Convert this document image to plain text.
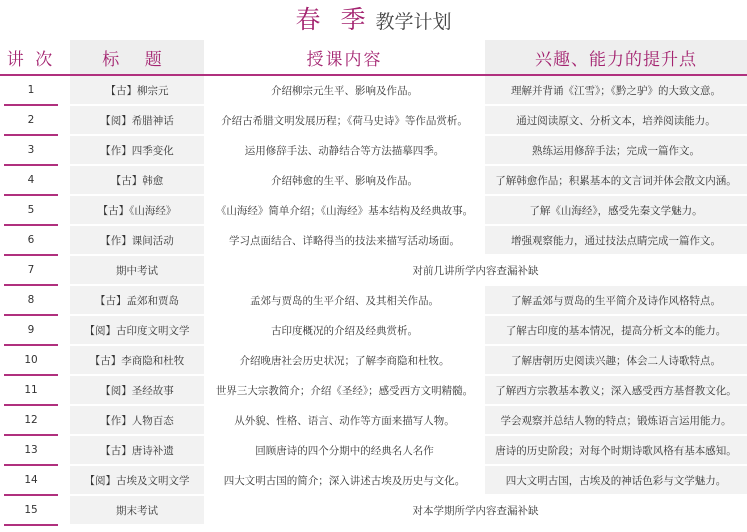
春 季 教学计划
讲 次	标 题	授课内容	兴趣、能力的提升点
1	【古】柳宗元	介绍柳宗元生平、影响及作品。	理解并背诵《江雪》；《黔之驴》的大致文意。
2	【阅】希腊神话	介绍古希腊文明发展历程；《荷马史诗》等作品赏析。	通过阅读原文、分析文本，培养阅读能力。
3	【作】四季变化	运用修辞手法、动静结合等方法描摹四季。	熟练运用修辞手法；完成一篇作文。
4	【古】韩愈	介绍韩愈的生平、影响及作品。	了解韩愈作品；积累基本的文言词并体会散文内涵。
5	【古】《山海经》	《山海经》简单介绍；《山海经》基本结构及经典故事。	了解《山海经》，感受先秦文学魅力。
6	【作】课间活动	学习点面结合、详略得当的技法来描写活动场面。	增强观察能力，通过技法点睛完成一篇作文。
7	期中考试	对前几讲所学内容查漏补缺
8	【古】孟郊和贾岛	孟郊与贾岛的生平介绍、及其相关作品。	了解孟郊与贾岛的生平简介及诗作风格特点。
9	【阅】古印度文明文学	古印度概况的介绍及经典赏析。	了解古印度的基本情况，提高分析文本的能力。
10	【古】李商隐和杜牧	介绍晚唐社会历史状况；了解李商隐和杜牧。	了解唐朝历史阅读兴趣；体会二人诗歌特点。
11	【阅】圣经故事	世界三大宗教简介；介绍《圣经》；感受西方文明精髓。	了解西方宗教基本教义；深入感受西方基督教文化。
12	【作】人物百态	从外貌、性格、语言、动作等方面来描写人物。	学会观察并总结人物的特点；锻炼语言运用能力。
13	【古】唐诗补遗	回顾唐诗的四个分期中的经典名人名作	唐诗的历史阶段；对每个时期诗歌风格有基本感知。
14	【阅】古埃及文明文学	四大文明古国的简介；深入讲述古埃及历史与文化。	四大文明古国，古埃及的神话色彩与文学魅力。
15	期末考试	对本学期所学内容查漏补缺
